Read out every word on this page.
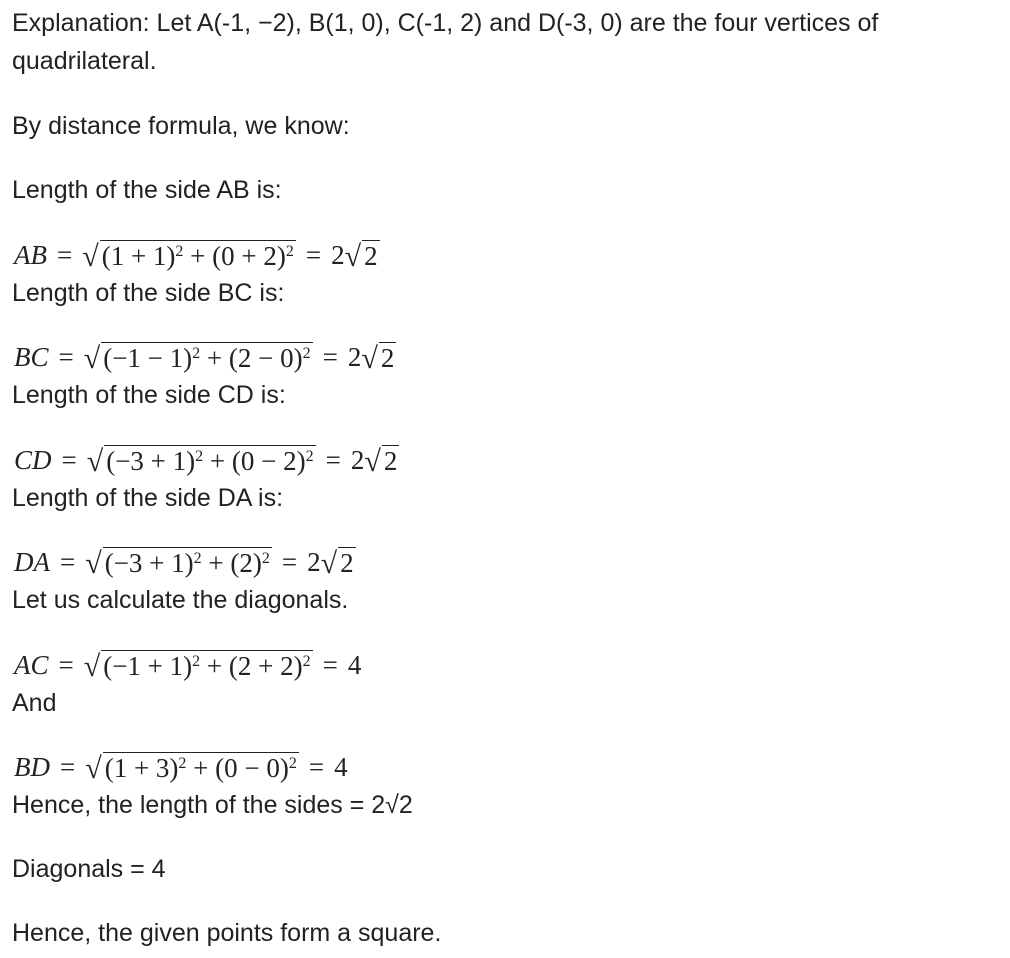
Explanation: Let A(-1, −2), B(1, 0), C(-1, 2) and D(-3, 0) are the four vertices of quadrilateral.

By distance formula, we know:

Length of the side AB is:

AB = √ $(1 + 1)^2 + (0 + 2)^2 = 2$ √ 2

Length of the side BC is:

BC = √ $(-1 - 1)^2 + (2 - 0)^2 = 2$ √ 2

Length of the side CD is:

CD = √ $(-3 + 1)^2 + (0 - 2)^2 = 2$ √ 2

Length of the side DA is:

DA = √ $(-3 + 1)^2 + (2)^2 = 2$ √ 2

Let us calculate the diagonals.

AC = √ $(-1 + 1)^2 + (2 + 2)^2 = 4$

And

BD = √ $(1 + 3)^2 + (0 - 0)^2 = 4$

Hence, the length of the sides = 2√2

Diagonals = 4

Hence, the given points form a square.
